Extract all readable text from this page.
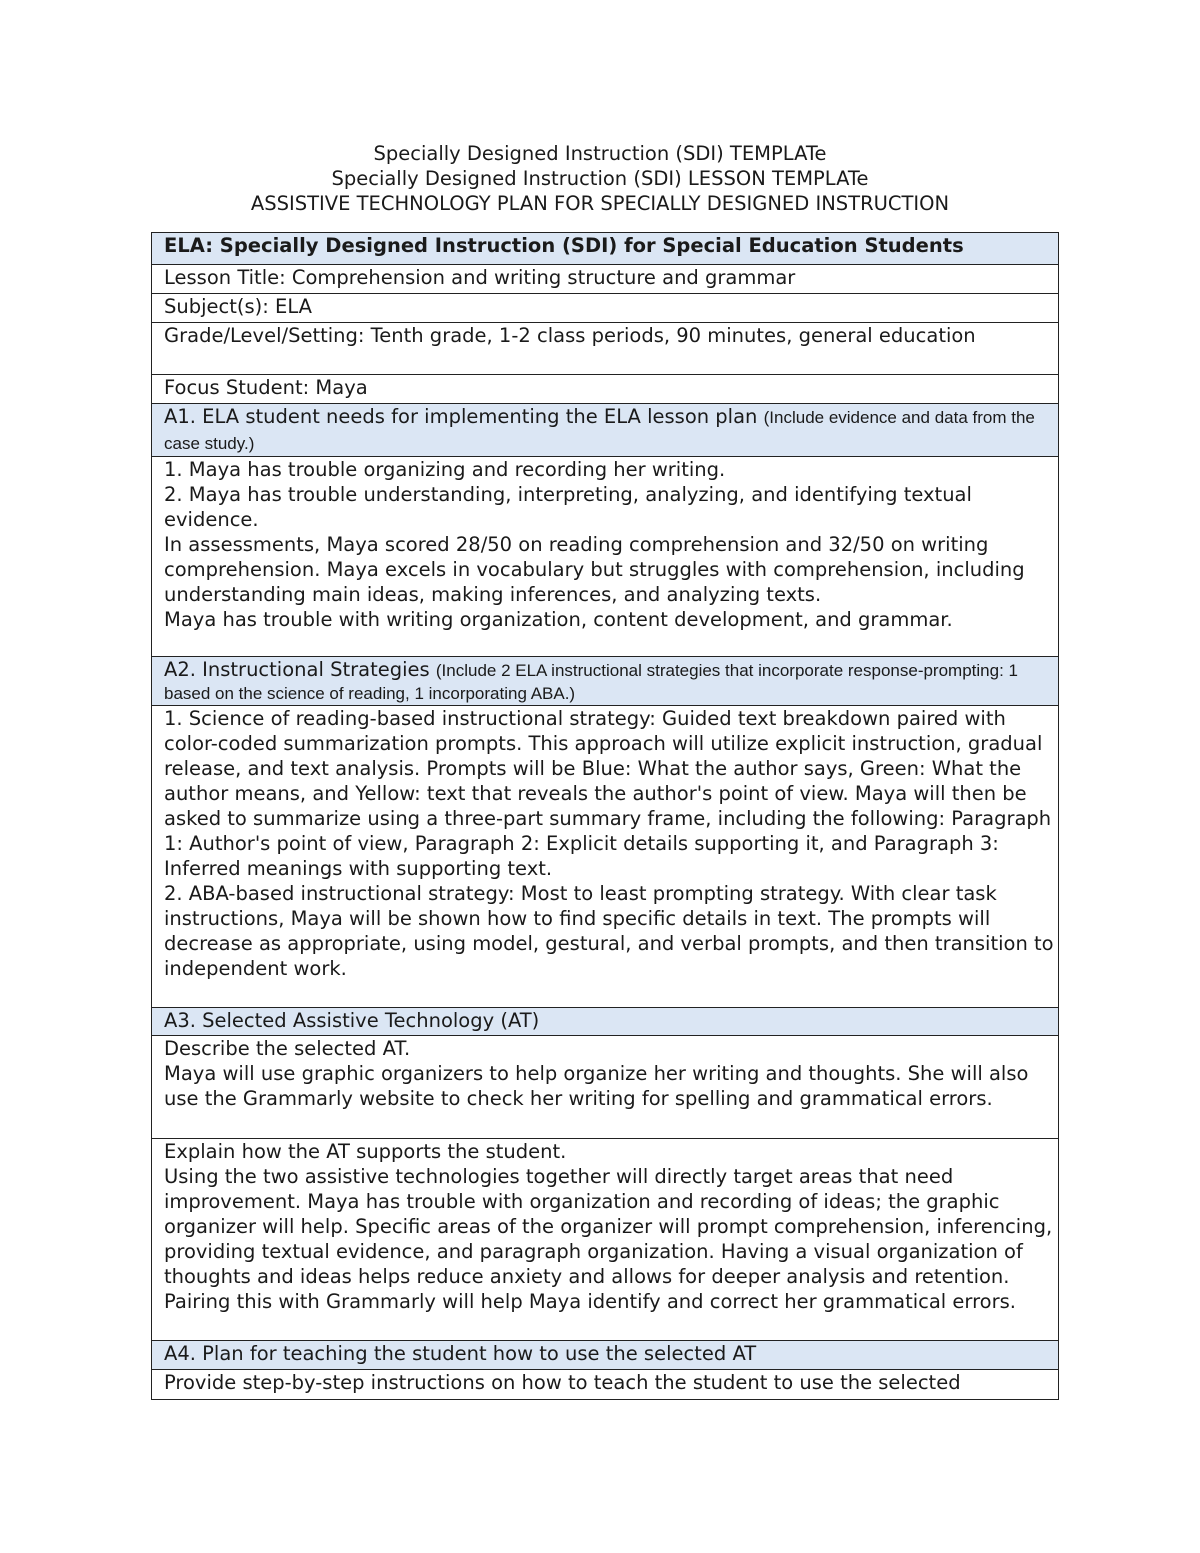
Specially Designed Instruction (SDI) TEMPLATe
Specially Designed Instruction (SDI) LESSON TEMPLATe
ASSISTIVE TECHNOLOGY PLAN FOR SPECIALLY DESIGNED INSTRUCTION
ELA: Specially Designed Instruction (SDI) for Special Education Students
Lesson Title: Comprehension and writing structure and grammar
Subject(s): ELA
Grade/Level/Setting: Tenth grade, 1-2 class periods, 90 minutes, general education
Focus Student: Maya
A1. ELA student needs for implementing the ELA lesson plan (Include evidence and data from the case study.)

1. Maya has trouble organizing and recording her writing.
2. Maya has trouble understanding, interpreting, analyzing, and identifying textual evidence.
In assessments, Maya scored 28/50 on reading comprehension and 32/50 on writing comprehension. Maya excels in vocabulary but struggles with comprehension, including understanding main ideas, making inferences, and analyzing texts.
Maya has trouble with writing organization, content development, and grammar.

A2. Instructional Strategies (Include 2 ELA instructional strategies that incorporate response-prompting: 1 based on the science of reading, 1 incorporating ABA.)

1. Science of reading-based instructional strategy: Guided text breakdown paired with color-coded summarization prompts. This approach will utilize explicit instruction, gradual release, and text analysis. Prompts will be Blue: What the author says, Green: What the author means, and Yellow: text that reveals the author's point of view. Maya will then be asked to summarize using a three-part summary frame, including the following: Paragraph 1: Author's point of view, Paragraph 2: Explicit details supporting it, and Paragraph 3: Inferred meanings with supporting text.
2. ABA-based instructional strategy: Most to least prompting strategy. With clear task instructions, Maya will be shown how to find specific details in text. The prompts will decrease as appropriate, using model, gestural, and verbal prompts, and then transition to independent work.

A3. Selected Assistive Technology (AT)

Describe the selected AT.
Maya will use graphic organizers to help organize her writing and thoughts. She will also use the Grammarly website to check her writing for spelling and grammatical errors.

Explain how the AT supports the student.
Using the two assistive technologies together will directly target areas that need improvement. Maya has trouble with organization and recording of ideas; the graphic organizer will help. Specific areas of the organizer will prompt comprehension, inferencing, providing textual evidence, and paragraph organization. Having a visual organization of thoughts and ideas helps reduce anxiety and allows for deeper analysis and retention. Pairing this with Grammarly will help Maya identify and correct her grammatical errors.

A4. Plan for teaching the student how to use the selected AT
Provide step-by-step instructions on how to teach the student to use the selected
